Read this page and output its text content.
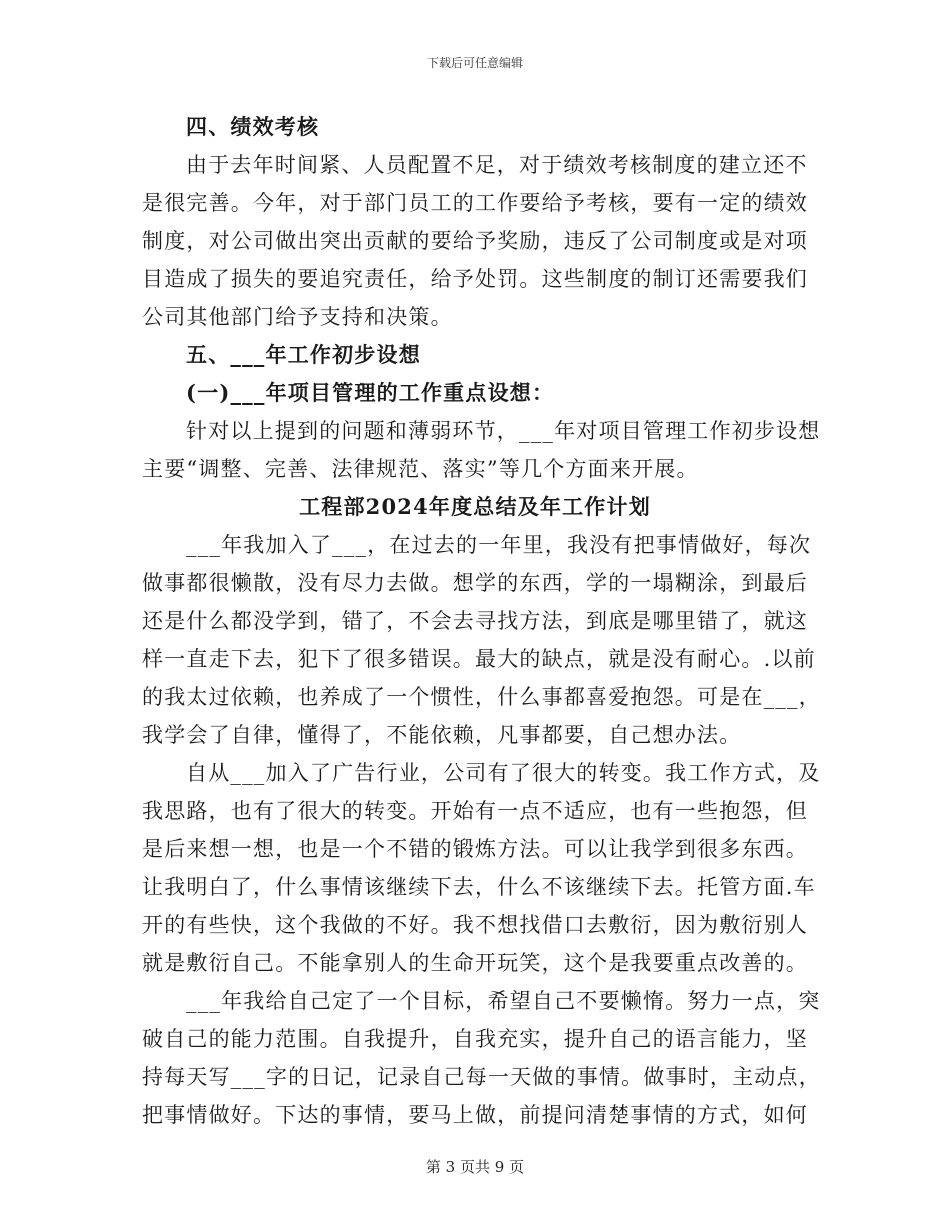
下载后可任意编辑
四、绩效考核
由于去年时间紧、人员配置不足，对于绩效考核制度的建立还不
是很完善。今年，对于部门员工的工作要给予考核，要有一定的绩效
制度，对公司做出突出贡献的要给予奖励，违反了公司制度或是对项
目造成了损失的要追究责任，给予处罚。这些制度的制订还需要我们
公司其他部门给予支持和决策。
五、___年工作初步设想
(一)___年项目管理的工作重点设想：
针对以上提到的问题和薄弱环节，___年对项目管理工作初步设想
主要“调整、完善、法律规范、落实”等几个方面来开展。
工程部2024年度总结及年工作计划
___年我加入了___，在过去的一年里，我没有把事情做好，每次
做事都很懒散，没有尽力去做。想学的东西，学的一塌糊涂，到最后
还是什么都没学到，错了，不会去寻找方法，到底是哪里错了，就这
样一直走下去，犯下了很多错误。最大的缺点，就是没有耐心。.以前
的我太过依赖，也养成了一个惯性，什么事都喜爱抱怨。可是在___，
我学会了自律，懂得了，不能依赖，凡事都要，自己想办法。
自从___加入了广告行业，公司有了很大的转变。我工作方式，及
我思路，也有了很大的转变。开始有一点不适应，也有一些抱怨，但
是后来想一想，也是一个不错的锻炼方法。可以让我学到很多东西。
让我明白了，什么事情该继续下去，什么不该继续下去。托管方面.车
开的有些快，这个我做的不好。我不想找借口去敷衍，因为敷衍别人
就是敷衍自己。不能拿别人的生命开玩笑，这个是我要重点改善的。
___年我给自己定了一个目标，希望自己不要懒惰。努力一点，突
破自己的能力范围。自我提升，自我充实，提升自己的语言能力，坚
持每天写___字的日记，记录自己每一天做的事情。做事时，主动点，
把事情做好。下达的事情，要马上做，前提问清楚事情的方式，如何
第 3 页共 9 页
